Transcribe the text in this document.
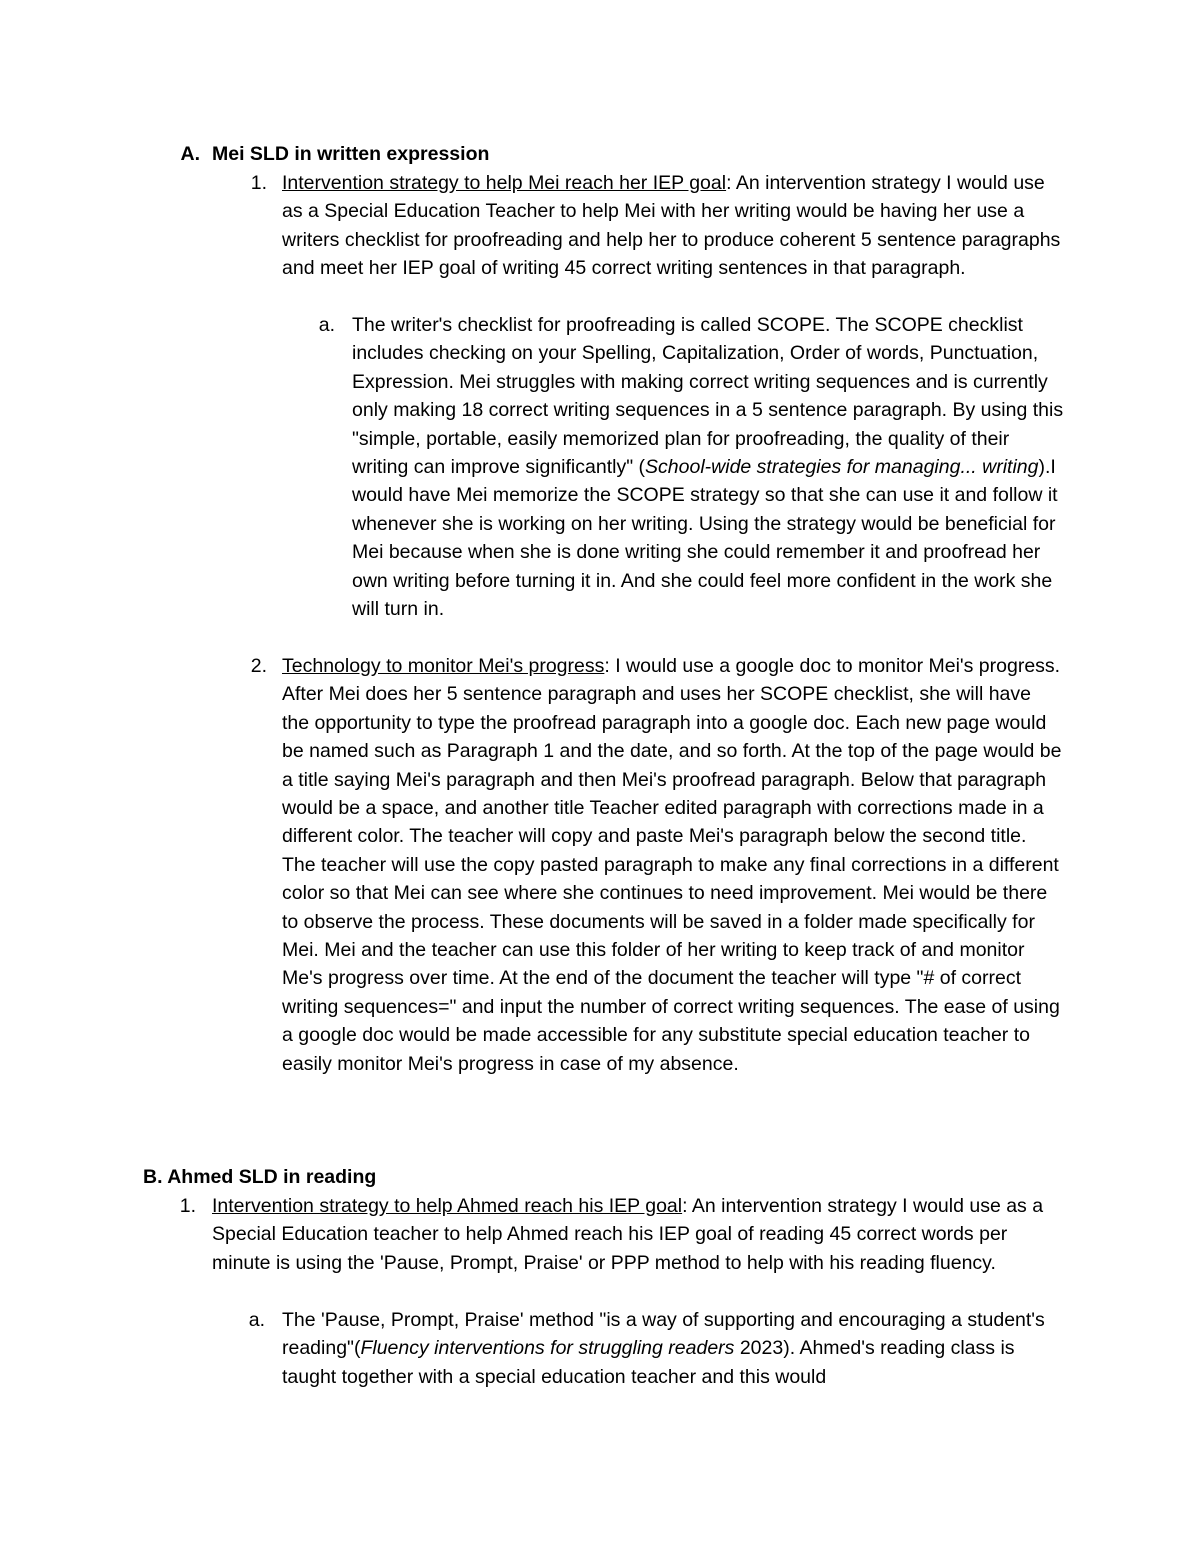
A. Mei SLD in written expression
1. Intervention strategy to help Mei reach her IEP goal: An intervention strategy I would use as a Special Education Teacher to help Mei with her writing would be having her use a writers checklist for proofreading and help her to produce coherent 5 sentence paragraphs and meet her IEP goal of writing 45 correct writing sentences in that paragraph.

a. The writer's checklist for proofreading is called SCOPE. The SCOPE checklist includes checking on your Spelling, Capitalization, Order of words, Punctuation, Expression. Mei struggles with making correct writing sequences and is currently only making 18 correct writing sequences in a 5 sentence paragraph. By using this "simple, portable, easily memorized plan for proofreading, the quality of their writing can improve significantly" (School-wide strategies for managing... writing).I would have Mei memorize the SCOPE strategy so that she can use it and follow it whenever she is working on her writing. Using the strategy would be beneficial for Mei because when she is done writing she could remember it and proofread her own writing before turning it in. And she could feel more confident in the work she will turn in.

2. Technology to monitor Mei's progress: I would use a google doc to monitor Mei's progress. After Mei does her 5 sentence paragraph and uses her SCOPE checklist, she will have the opportunity to type the proofread paragraph into a google doc. Each new page would be named such as Paragraph 1 and the date, and so forth. At the top of the page would be a title saying Mei's paragraph and then Mei's proofread paragraph. Below that paragraph would be a space, and another title Teacher edited paragraph with corrections made in a different color. The teacher will copy and paste Mei's paragraph below the second title. The teacher will use the copy pasted paragraph to make any final corrections in a different color so that Mei can see where she continues to need improvement. Mei would be there to observe the process. These documents will be saved in a folder made specifically for Mei. Mei and the teacher can use this folder of her writing to keep track of and monitor Me's progress over time. At the end of the document the teacher will type "# of correct writing sequences=" and input the number of correct writing sequences. The ease of using a google doc would be made accessible for any substitute special education teacher to easily monitor Mei's progress in case of my absence.

B. Ahmed SLD in reading
1. Intervention strategy to help Ahmed reach his IEP goal: An intervention strategy I would use as a Special Education teacher to help Ahmed reach his IEP goal of reading 45 correct words per minute is using the 'Pause, Prompt, Praise' or PPP method to help with his reading fluency.

a. The 'Pause, Prompt, Praise' method "is a way of supporting and encouraging a student's reading"(Fluency interventions for struggling readers 2023). Ahmed's reading class is taught together with a special education teacher and this would
